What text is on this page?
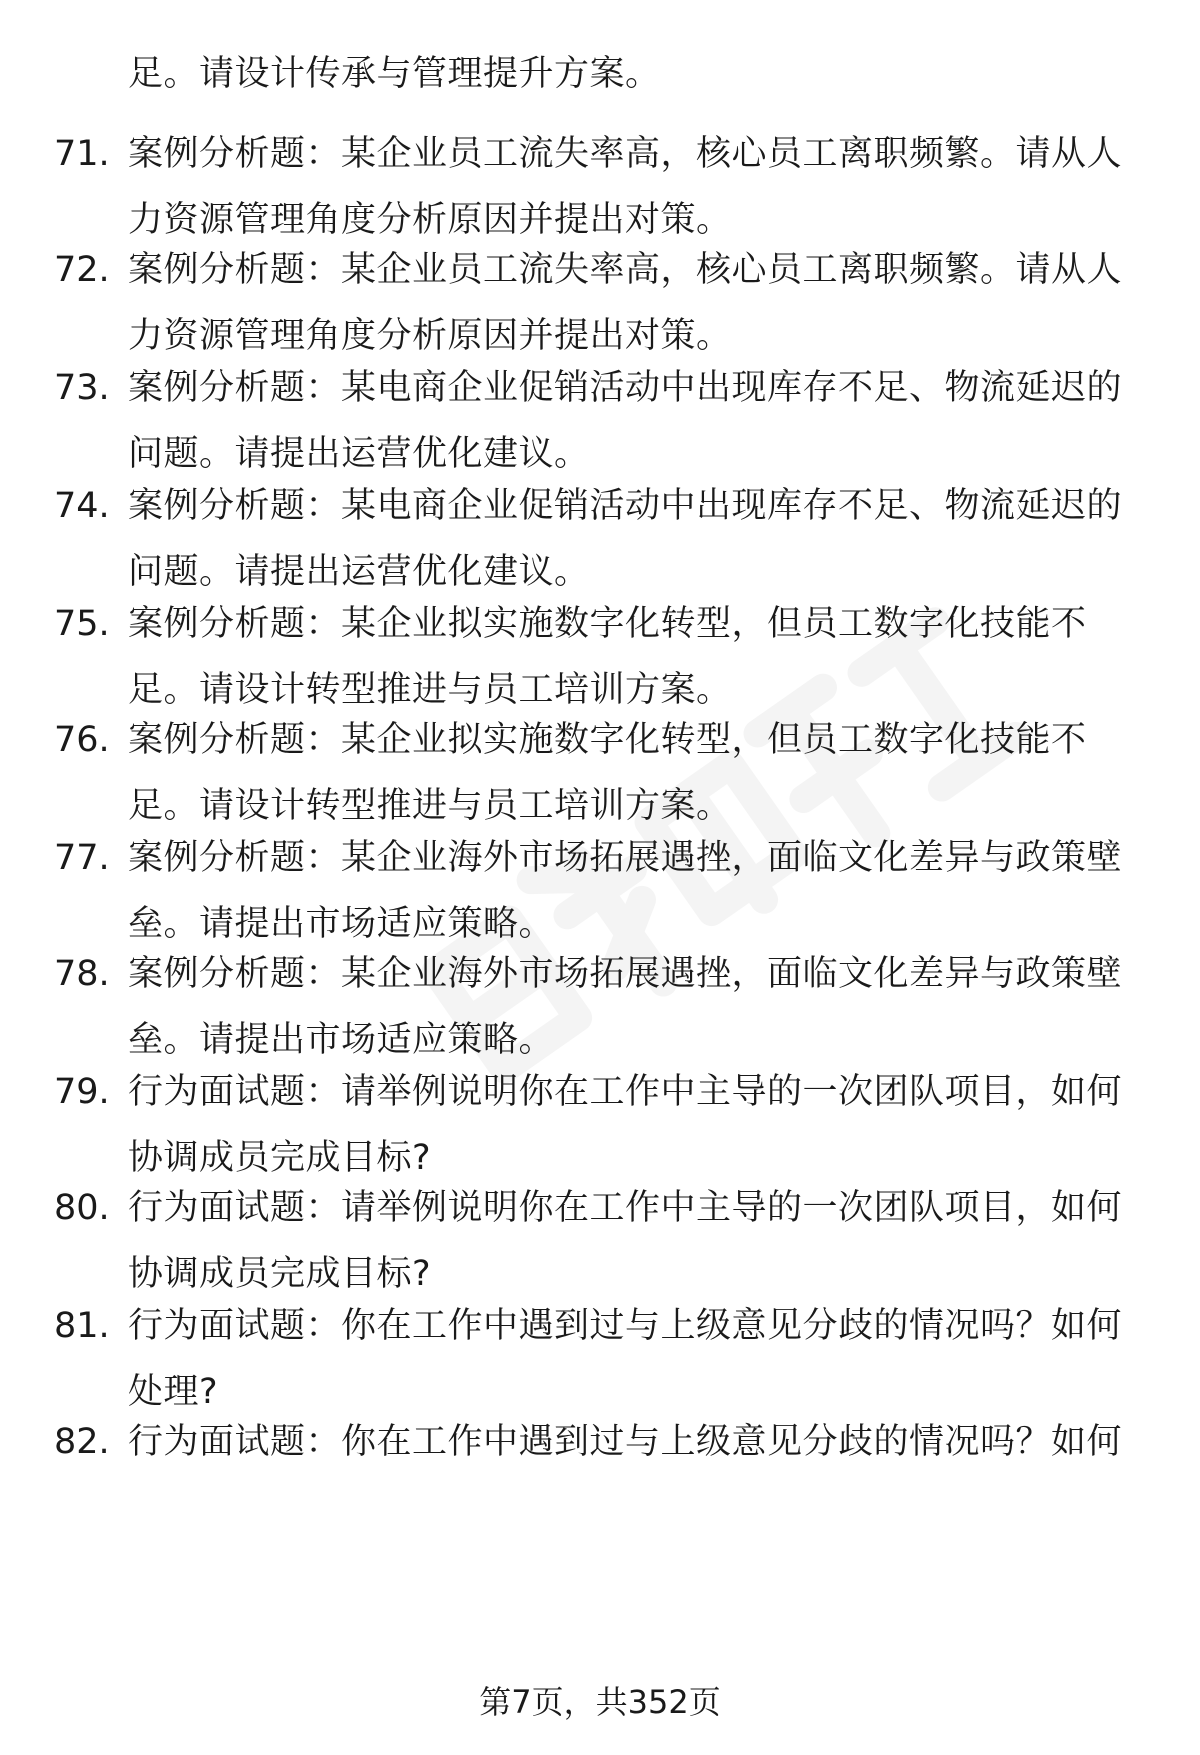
足。请设计传承与管理提升方案。
71. 案例分析题：某企业员工流失率高，核心员工离职频繁。请从人
力资源管理角度分析原因并提出对策。
72. 案例分析题：某企业员工流失率高，核心员工离职频繁。请从人
力资源管理角度分析原因并提出对策。
73. 案例分析题：某电商企业促销活动中出现库存不足、物流延迟的
问题。请提出运营优化建议。
74. 案例分析题：某电商企业促销活动中出现库存不足、物流延迟的
问题。请提出运营优化建议。
75. 案例分析题：某企业拟实施数字化转型，但员工数字化技能不
足。请设计转型推进与员工培训方案。
76. 案例分析题：某企业拟实施数字化转型，但员工数字化技能不
足。请设计转型推进与员工培训方案。
77. 案例分析题：某企业海外市场拓展遇挫，面临文化差异与政策壁
垒。请提出市场适应策略。
78. 案例分析题：某企业海外市场拓展遇挫，面临文化差异与政策壁
垒。请提出市场适应策略。
79. 行为面试题：请举例说明你在工作中主导的一次团队项目，如何
协调成员完成目标?
80. 行为面试题：请举例说明你在工作中主导的一次团队项目，如何
协调成员完成目标?
81. 行为面试题：你在工作中遇到过与上级意见分歧的情况吗？如何
处理?
82. 行为面试题：你在工作中遇到过与上级意见分歧的情况吗？如何
第7页，共352页
